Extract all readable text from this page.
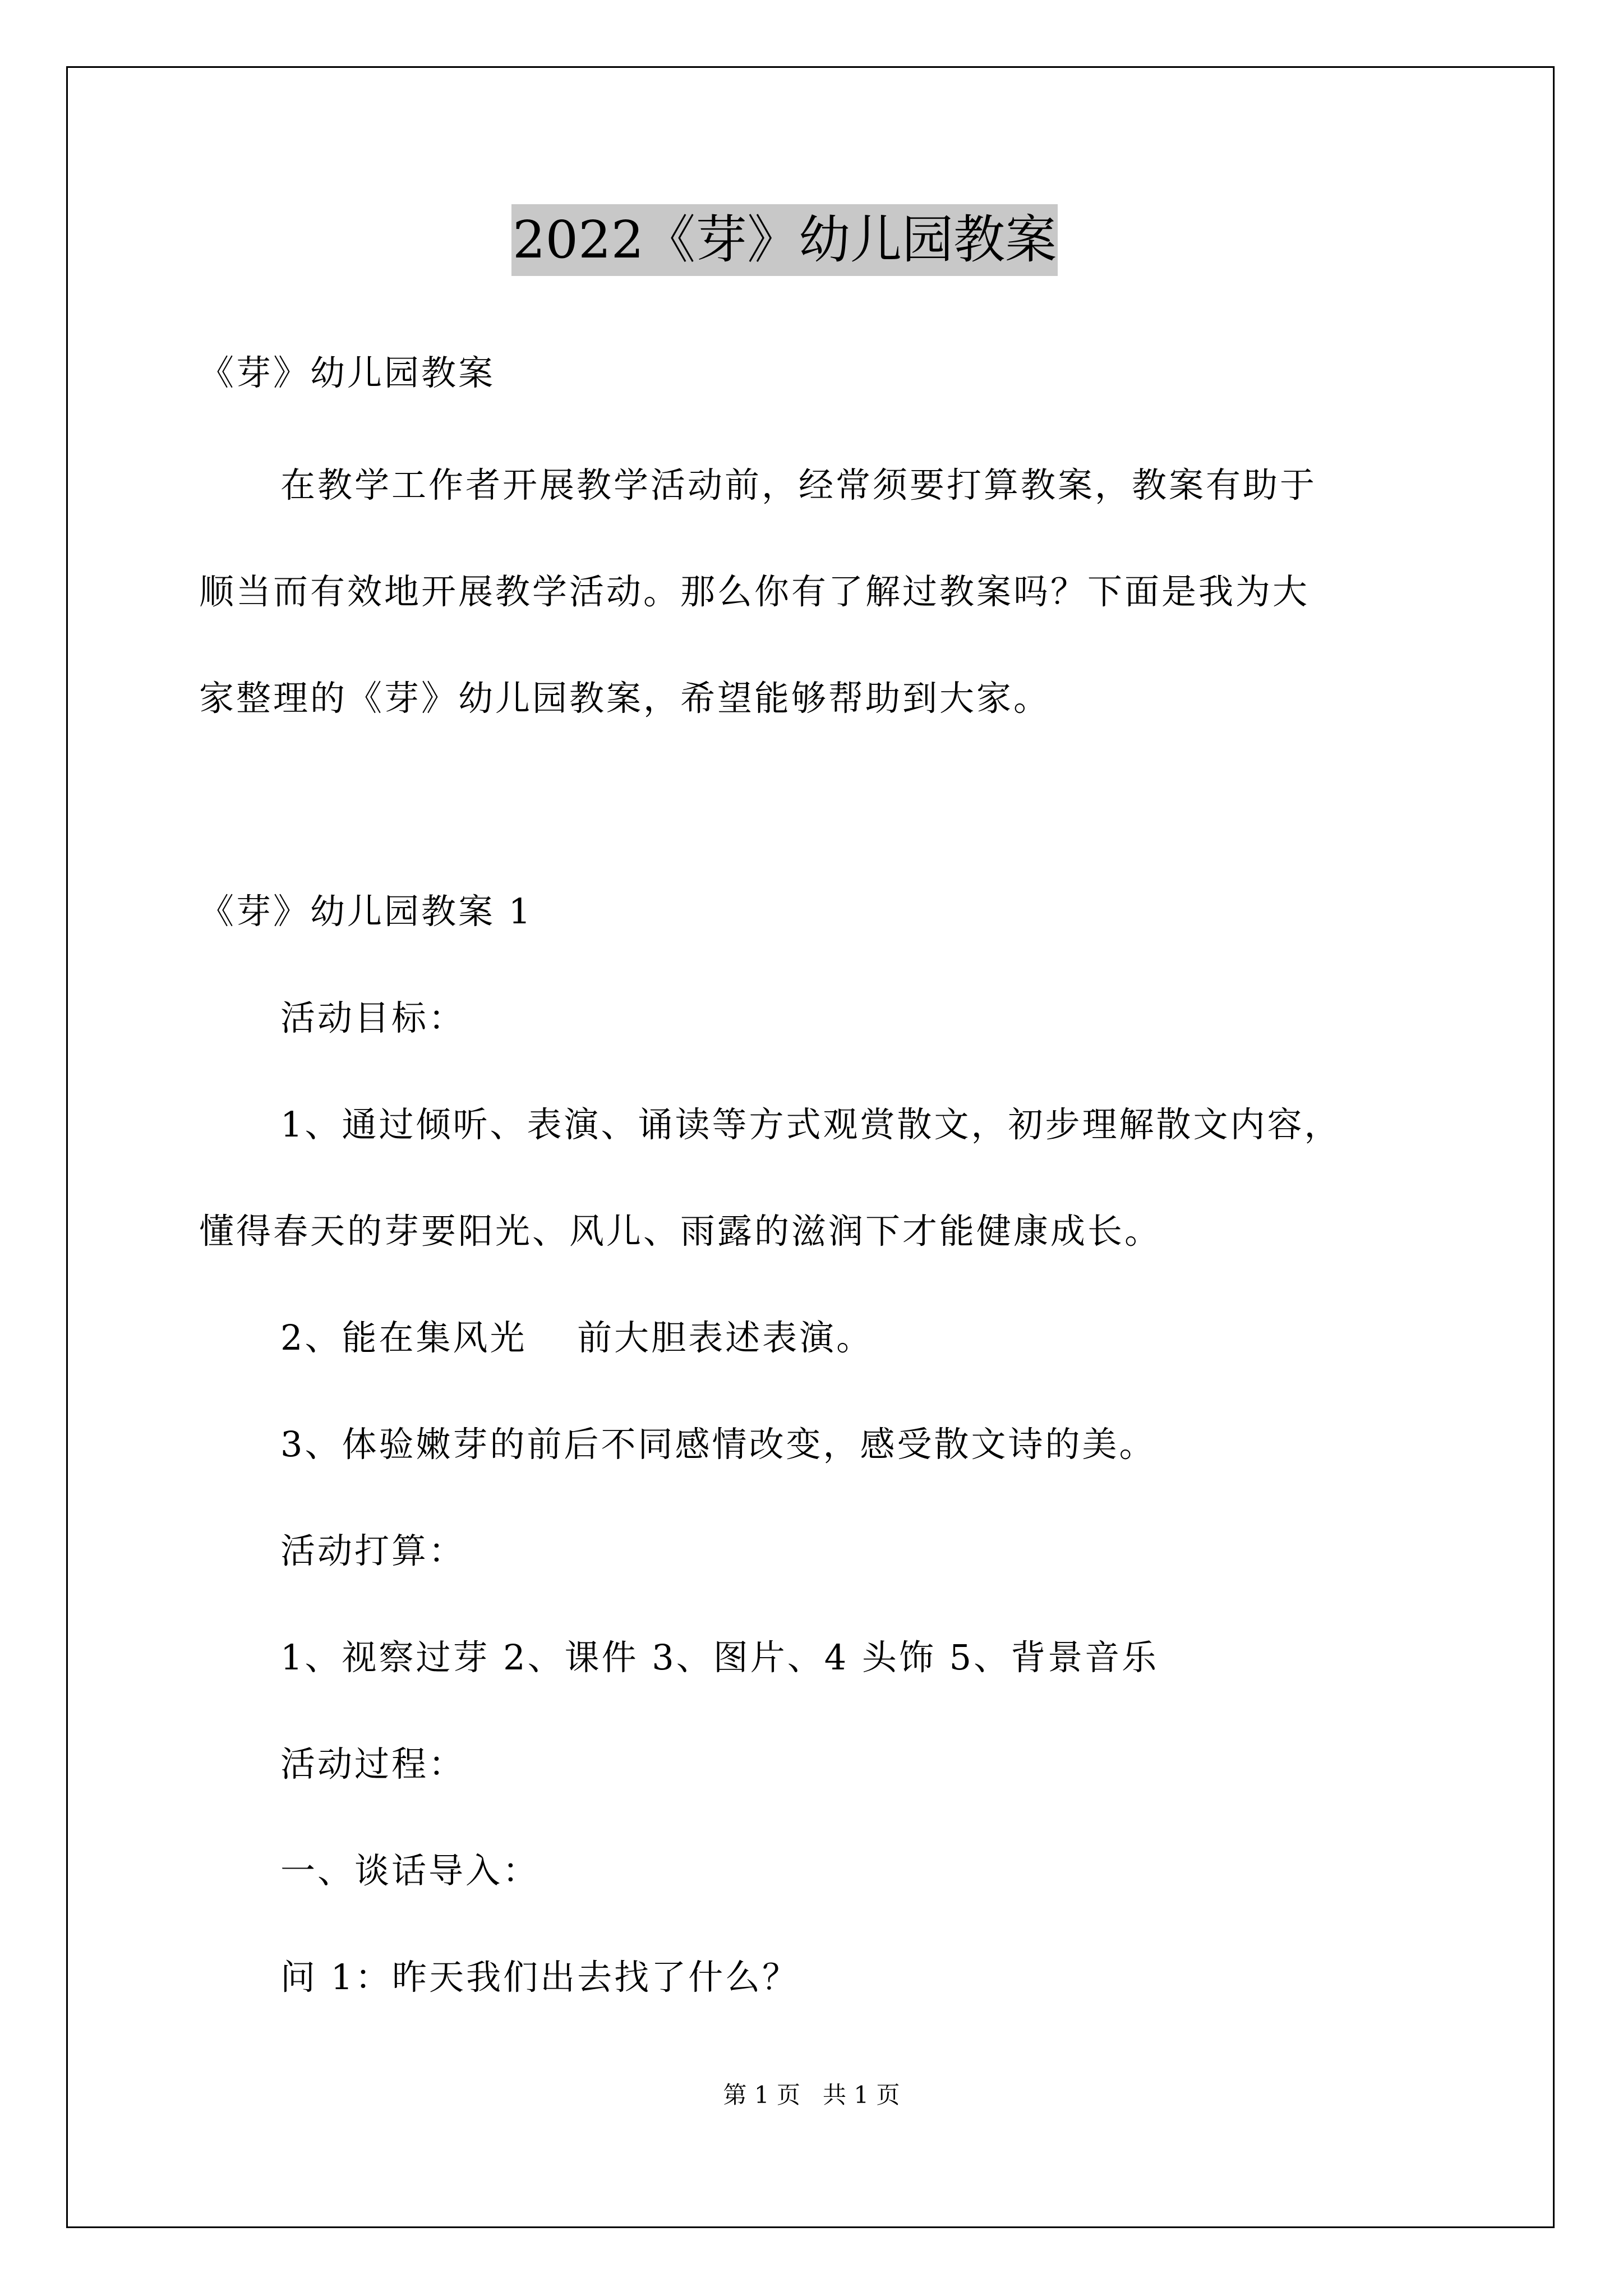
2022《芽》幼儿园教案
《芽》幼儿园教案
在教学工作者开展教学活动前，经常须要打算教案，教案有助于
顺当而有效地开展教学活动。那么你有了解过教案吗？下面是我为大
家整理的《芽》幼儿园教案，希望能够帮助到大家。
《芽》幼儿园教案 1
活动目标：
1、通过倾听、表演、诵读等方式观赏散文，初步理解散文内容，
懂得春天的芽要阳光、风儿、雨露的滋润下才能健康成长。
2、能在集风光　 前大胆表述表演。
3、体验嫩芽的前后不同感情改变，感受散文诗的美。
活动打算：
1、视察过芽 2、课件 3、图片、4 头饰 5、背景音乐
活动过程：
一、谈话导入：
问 1：昨天我们出去找了什么？
第 1 页   共 1 页
